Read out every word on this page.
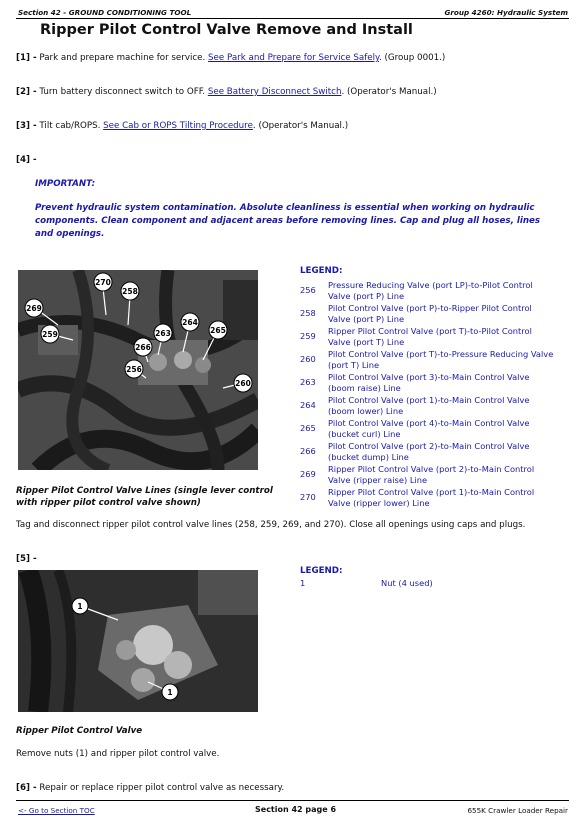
Section 42 - GROUND CONDITIONING TOOL	Group 4260: Hydraulic System
Ripper Pilot Control Valve Remove and Install
[1] - Park and prepare machine for service. See Park and Prepare for Service Safely. (Group 0001.)
[2] - Turn battery disconnect switch to OFF. See Battery Disconnect Switch. (Operator's Manual.)
[3] - Tilt cab/ROPS. See Cab or ROPS Tilting Procedure. (Operator's Manual.)
[4] -
IMPORTANT:
Prevent hydraulic system contamination. Absolute cleanliness is essential when working on hydraulic
components. Clean component and adjacent areas before removing lines. Cap and plug all hoses, lines
and openings.
270
258
269
259	263
264
265
266
256
260
Ripper Pilot Control Valve Lines (single lever control
with ripper pilot control valve shown)
LEGEND:
256	Pressure Reducing Valve (port LP)-to-Pilot Control
Valve (port P) Line
258	Pilot Control Valve (port P)-to-Ripper Pilot Control
Valve (port P) Line
259	Ripper Pilot Control Valve (port T)-to-Pilot Control
Valve (port T) Line
260	Pilot Control Valve (port T)-to-Pressure Reducing Valve
(port T) Line
263	Pilot Control Valve (port 3)-to-Main Control Valve
(boom raise) Line
264	Pilot Control Valve (port 1)-to-Main Control Valve
(boom lower) Line
265	Pilot Control Valve (port 4)-to-Main Control Valve
(bucket curl) Line
266	Pilot Control Valve (port 2)-to-Main Control Valve
(bucket dump) Line
269	Ripper Pilot Control Valve (port 2)-to-Main Control
Valve (ripper raise) Line
270	Ripper Pilot Control Valve (port 1)-to-Main Control
Valve (ripper lower) Line
Tag and disconnect ripper pilot control valve lines (258, 259, 269, and 270). Close all openings using caps and plugs.
[5] -
1
1
LEGEND:
1	Nut (4 used)
Ripper Pilot Control Valve
Remove nuts (1) and ripper pilot control valve.
[6] - Repair or replace ripper pilot control valve as necessary.
<- Go to Section TOC	Section 42 page 6	655K Crawler Loader Repair
